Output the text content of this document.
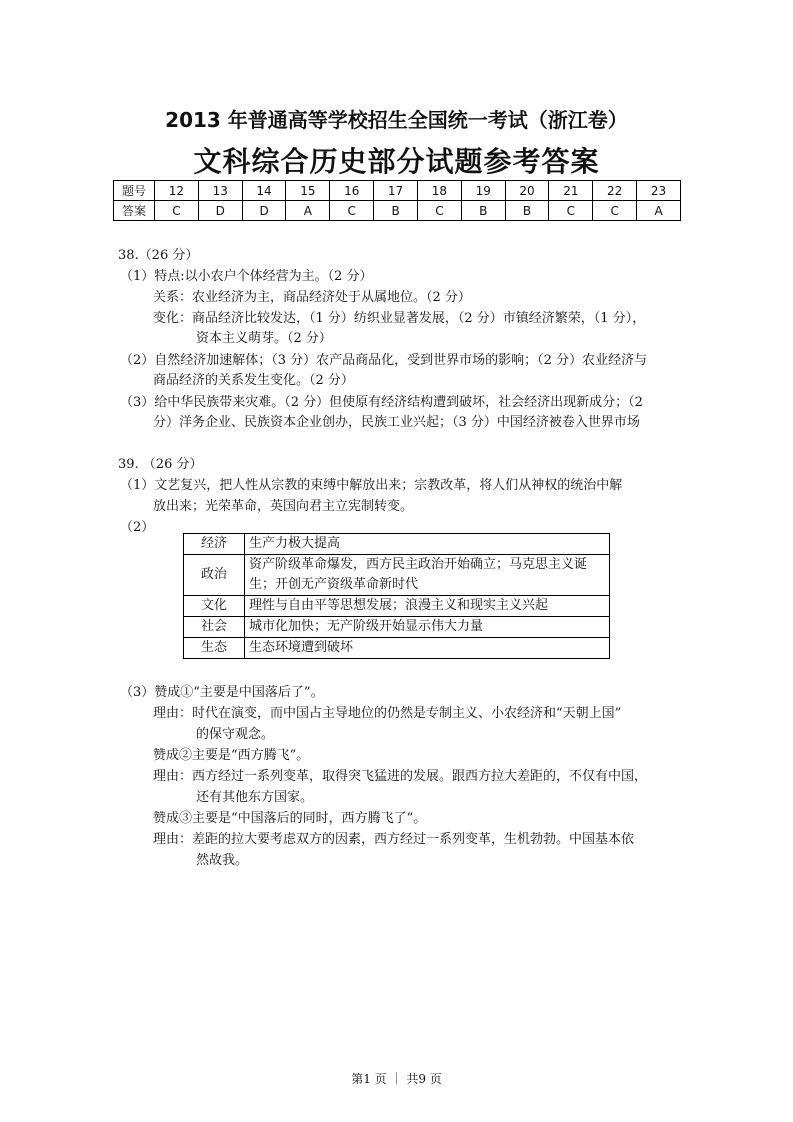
2013 年普通高等学校招生全国统一考试（浙江卷）
文科综合历史部分试题参考答案
题号	12	13	14	15	16	17	18	19	20	21	22	23
答案	C	D	D	A	C	B	C	B	B	C	C	A
38.（26 分）
（1）特点:以小农户个体经营为主。（2 分）
关系：农业经济为主，商品经济处于从属地位。（2 分）
变化：商品经济比较发达，（1 分）纺织业显著发展，（2 分）市镇经济繁荣，（1 分），
资本主义萌芽。（2 分）
（2）自然经济加速解体；（3 分）农产品商品化，受到世界市场的影响；（2 分）农业经济与
商品经济的关系发生变化。（2 分）
（3）给中华民族带来灾难。（2 分）但使原有经济结构遭到破坏，社会经济出现新成分；（2
分）洋务企业、民族资本企业创办，民族工业兴起；（3 分）中国经济被卷入世界市场
39. （26 分）
（1）文艺复兴，把人性从宗教的束缚中解放出来；宗教改革，将人们从神权的统治中解
放出来；光荣革命，英国向君主立宪制转变。
（2）
经济	生产力极大提高
政治	资产阶级革命爆发，西方民主政治开始确立；马克思主义诞生；开创无产资级革命新时代
文化	理性与自由平等思想发展；浪漫主义和现实主义兴起
社会	城市化加快；无产阶级开始显示伟大力量
生态	生态环境遭到破坏
（3）赞成①“主要是中国落后了”。
理由：时代在演变，而中国占主导地位的仍然是专制主义、小农经济和“天朝上国”
的保守观念。
赞成②主要是“西方腾飞”。
理由：西方经过一系列变革，取得突飞猛进的发展。跟西方拉大差距的，不仅有中国，
还有其他东方国家。
赞成③主要是“中国落后的同时，西方腾飞了”。
理由：差距的拉大要考虑双方的因素，西方经过一系列变革，生机勃勃。中国基本依
然故我。
第1 页 ｜ 共9 页
